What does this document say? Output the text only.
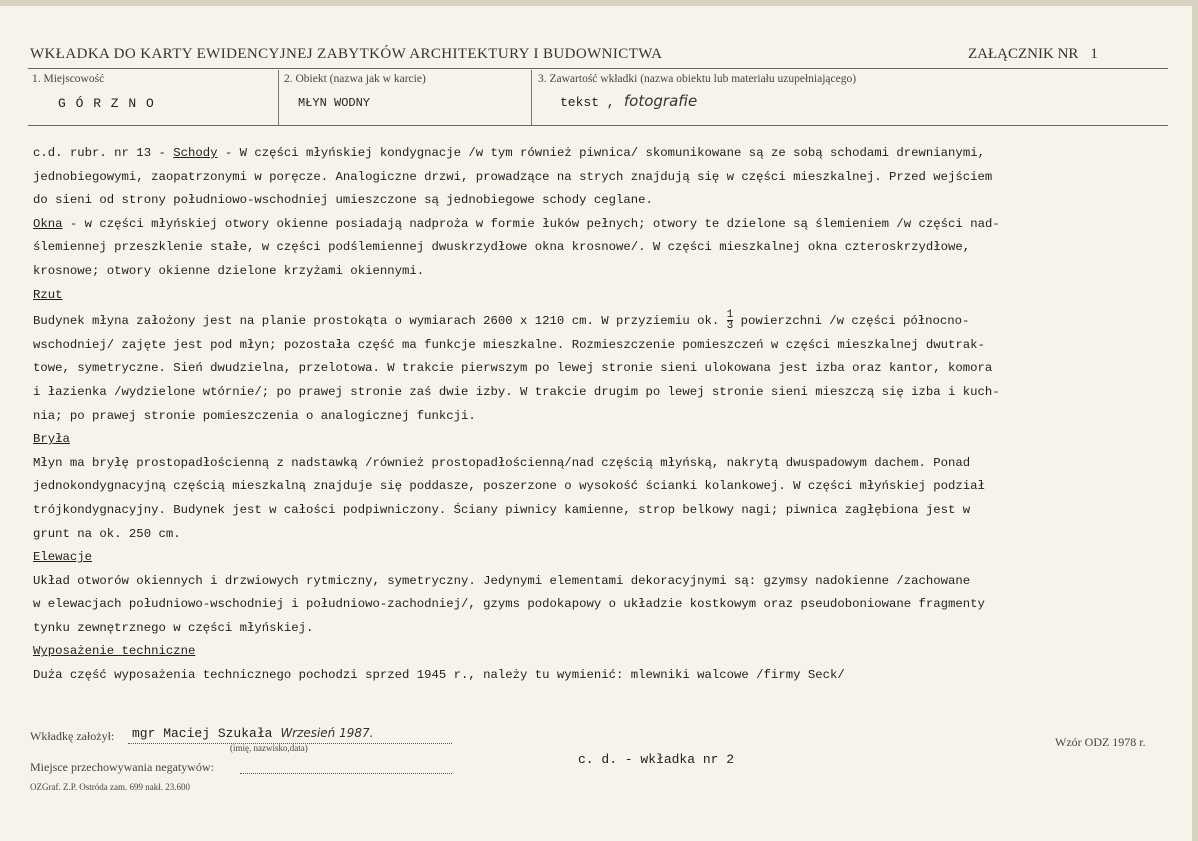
WKŁADKA DO KARTY EWIDENCYJNEJ ZABYTKÓW ARCHITEKTURY I BUDOWNICTWA	ZAŁĄCZNIK NR 1
1. Miejscowość
G Ó R Z N O
2. Obiekt (nazwa jak w karcie)
MŁYN WODNY
3. Zawartość wkładki (nazwa obiektu lub materiału uzupełniającego)
tekst , fotografie

c.d. rubr. nr 13 - Schody - W części młyńskiej kondygnacje /w tym również piwnica/ skomunikowane są ze sobą schodami drewnianymi,

jednobiegowymi, zaopatrzonymi w poręcze. Analogiczne drzwi, prowadzące na strych znajdują się w części mieszkalnej. Przed wejściem

do sieni od strony południowo-wschodniej umieszczone są jednobiegowe schody ceglane.

Okna - w części młyńskiej otwory okienne posiadają nadproża w formie łuków pełnych; otwory te dzielone są ślemieniem /w części nad-

ślemiennej przeszklenie stałe, w części podślemiennej dwuskrzydłowe okna krosnowe/. W części mieszkalnej okna czteroskrzydłowe,

krosnowe; otwory okienne dzielone krzyżami okiennymi.

Rzut

Budynek młyna założony jest na planie prostokąta o wymiarach 2600 x 1210 cm. W przyziemiu ok. $\frac{1}{3}$ powierzchni /w części północno-

wschodniej/ zajęte jest pod młyn; pozostała część ma funkcje mieszkalne. Rozmieszczenie pomieszczeń w części mieszkalnej dwutrak-

towe, symetryczne. Sień dwudzielna, przelotowa. W trakcie pierwszym po lewej stronie sieni ulokowana jest izba oraz kantor, komora

i łazienka /wydzielone wtórnie/; po prawej stronie zaś dwie izby. W trakcie drugim po lewej stronie sieni mieszczą się izba i kuch-

nia; po prawej stronie pomieszczenia o analogicznej funkcji.

Bryła

Młyn ma bryłę prostopadłościenną z nadstawką /również prostopadłościenną/nad częścią młyńską, nakrytą dwuspadowym dachem. Ponad

jednokondygnacyjną częścią mieszkalną znajduje się poddasze, poszerzone o wysokość ścianki kolankowej. W części młyńskiej podział

trójkondygnacyjny. Budynek jest w całości podpiwniczony. Ściany piwnicy kamienne, strop belkowy nagi; piwnica zagłębiona jest w

grunt na ok. 250 cm.

Elewacje

Układ otworów okiennych i drzwiowych rytmiczny, symetryczny. Jedynymi elementami dekoracyjnymi są: gzymsy nadokienne /zachowane

w elewacjach południowo-wschodniej i południowo-zachodniej/, gzyms podokapowy o układzie kostkowym oraz pseudoboniowane fragmenty

tynku zewnętrznego w części młyńskiej.

Wyposażenie techniczne

Duża część wyposażenia technicznego pochodzi sprzed 1945 r., należy tu wymienić: mlewniki walcowe /firmy Seck/

Wkładkę założył: mgr Maciej Szukała Wrzesień 1987.
(imię, nazwisko,data)
Miejsce przechowywania negatywów:	c. d. - wkładka nr 2
Wzór ODZ 1978 r.
OZGraf. Z.P. Ostróda zam. 699 nakł. 23.600
